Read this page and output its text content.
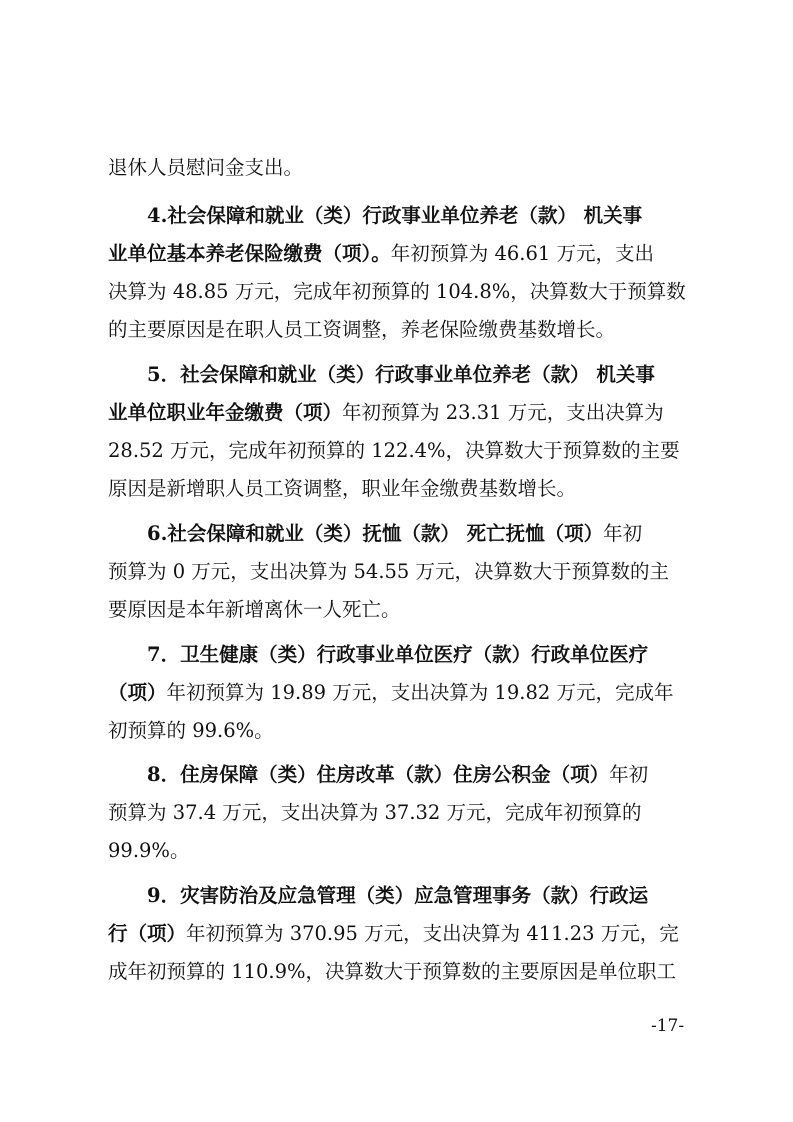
退休人员慰问金支出。
4.社会保障和就业（类）行政事业单位养老（款） 机关事
业单位基本养老保险缴费（项）。年初预算为 46.61 万元，支出
决算为 48.85 万元，完成年初预算的 104.8%，决算数大于预算数
的主要原因是在职人员工资调整，养老保险缴费基数增长。
5．社会保障和就业（类）行政事业单位养老（款） 机关事
业单位职业年金缴费（项）年初预算为 23.31 万元，支出决算为
28.52 万元，完成年初预算的 122.4%，决算数大于预算数的主要
原因是新增职人员工资调整，职业年金缴费基数增长。
6.社会保障和就业（类）抚恤（款） 死亡抚恤（项）年初
预算为 0 万元，支出决算为 54.55 万元，决算数大于预算数的主
要原因是本年新增离休一人死亡。
7．卫生健康（类）行政事业单位医疗（款）行政单位医疗
（项）年初预算为 19.89 万元，支出决算为 19.82 万元，完成年
初预算的 99.6%。
8．住房保障（类）住房改革（款）住房公积金（项）年初
预算为 37.4 万元，支出决算为 37.32 万元，完成年初预算的
99.9%。
9．灾害防治及应急管理（类）应急管理事务（款）行政运
行（项）年初预算为 370.95 万元，支出决算为 411.23 万元，完
成年初预算的 110.9%，决算数大于预算数的主要原因是单位职工
-17-
